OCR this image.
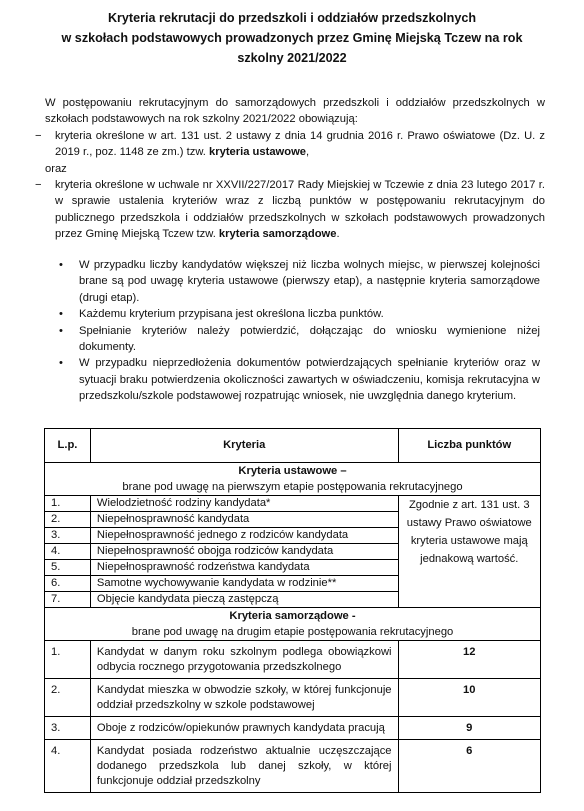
Kryteria rekrutacji do przedszkoli i oddziałów przedszkolnych
w szkołach podstawowych prowadzonych przez Gminę Miejską Tczew na rok
szkolny 2021/2022

W postępowaniu rekrutacyjnym do samorządowych przedszkoli i oddziałów przedszkolnych w szkołach podstawowych na rok szkolny 2021/2022 obowiązują:

−	kryteria określone w art. 131 ust. 2 ustawy z dnia 14 grudnia 2016 r. Prawo oświatowe (Dz. U. z 2019 r., poz. 1148 ze zm.) tzw. kryteria ustawowe,

oraz

−	kryteria określone w uchwale nr XXVII/227/2017 Rady Miejskiej w Tczewie z dnia 23 lutego 2017 r. w sprawie ustalenia kryteriów wraz z liczbą punktów w postępowaniu rekrutacyjnym do publicznego przedszkola i oddziałów przedszkolnych w szkołach podstawowych prowadzonych przez Gminę Miejską Tczew tzw. kryteria samorządowe.
•	W przypadku liczby kandydatów większej niż liczba wolnych miejsc, w pierwszej kolejności brane są pod uwagę kryteria ustawowe (pierwszy etap), a następnie kryteria samorządowe (drugi etap).
•	Każdemu kryterium przypisana jest określona liczba punktów.
•	Spełnianie kryteriów należy potwierdzić, dołączając do wniosku wymienione niżej dokumenty.
•	W przypadku nieprzedłożenia dokumentów potwierdzających spełnianie kryteriów oraz w sytuacji braku potwierdzenia okoliczności zawartych w oświadczeniu, komisja rekrutacyjna w przedszkolu/szkole podstawowej rozpatrując wniosek, nie uwzględnia danego kryterium.
L.p.	Kryteria	Liczba punktów

Kryteria ustawowe –
brane pod uwagę na pierwszym etapie postępowania rekrutacyjnego		

1.	Wielodzietność rodziny kandydata*	Zgodnie z art. 131 ust. 3 ustawy Prawo oświatowe kryteria ustawowe mają jednakową wartość.
2.	Niepełnosprawność kandydata	
3.	Niepełnosprawność jednego z rodziców kandydata	
4.	Niepełnosprawność obojga rodziców kandydata	
5.	Niepełnosprawność rodzeństwa kandydata	
6.	Samotne wychowywanie kandydata w rodzinie**	
7.	Objęcie kandydata pieczą zastępczą	

Kryteria samorządowe -
brane pod uwagę na drugim etapie postępowania rekrutacyjnego		

1.	Kandydat w danym roku szkolnym podlega obowiązkowi odbycia rocznego przygotowania przedszkolnego	12
2.	Kandydat mieszka w obwodzie szkoły, w której funkcjonuje oddział przedszkolny w szkole podstawowej	10
3.	Oboje z rodziców/opiekunów prawnych kandydata pracują	9
4.	Kandydat posiada rodzeństwo aktualnie uczęszczające dodanego przedszkola lub danej szkoły, w której funkcjonuje oddział przedszkolny	6
